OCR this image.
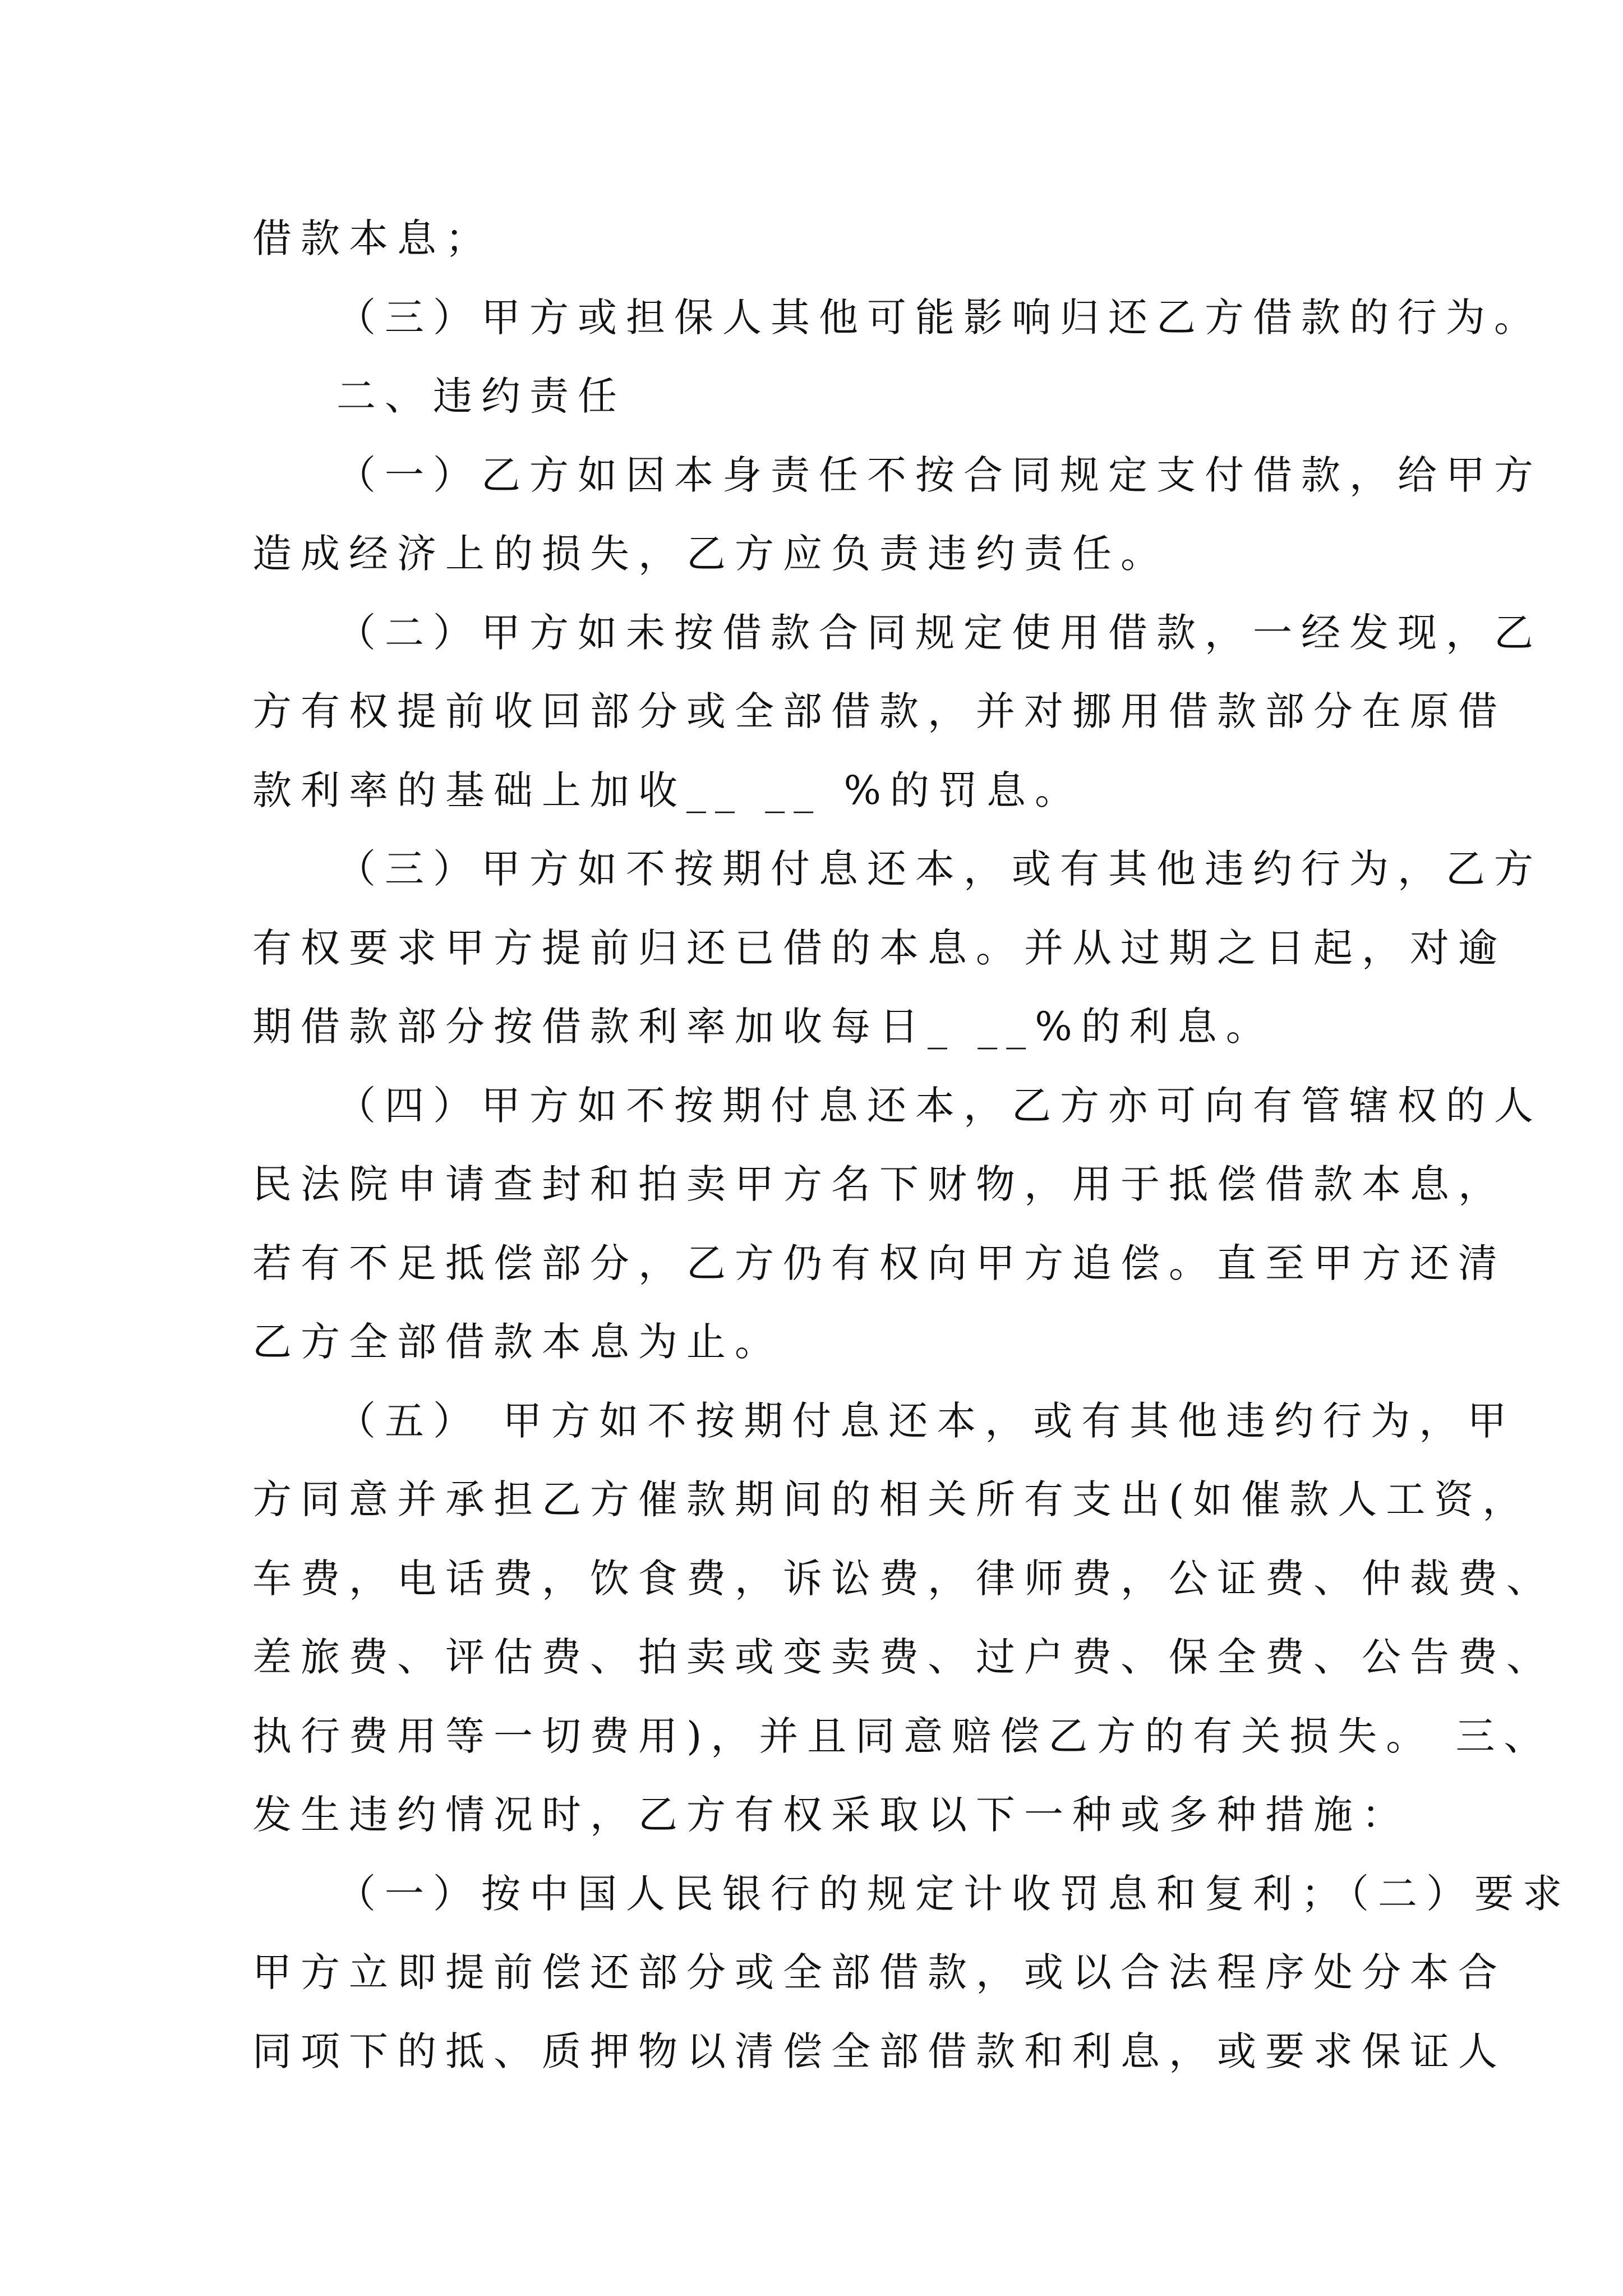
借款本息；

（三）甲方或担保人其他可能影响归还乙方借款的行为。

二、违约责任

（一）乙方如因本身责任不按合同规定支付借款，给甲方

造成经济上的损失，乙方应负责违约责任。

（二）甲方如未按借款合同规定使用借款，一经发现，乙

方有权提前收回部分或全部借款，并对挪用借款部分在原借

款利率的基础上加收__ __ %的罚息。

（三）甲方如不按期付息还本，或有其他违约行为，乙方

有权要求甲方提前归还已借的本息。并从过期之日起，对逾

期借款部分按借款利率加收每日_ __%的利息。

（四）甲方如不按期付息还本，乙方亦可向有管辖权的人

民法院申请查封和拍卖甲方名下财物，用于抵偿借款本息，

若有不足抵偿部分，乙方仍有权向甲方追偿。直至甲方还清

乙方全部借款本息为止。

（五） 甲方如不按期付息还本，或有其他违约行为，甲

方同意并承担乙方催款期间的相关所有支出(如催款人工资，

车费，电话费，饮食费，诉讼费，律师费，公证费、仲裁费、

差旅费、评估费、拍卖或变卖费、过户费、保全费、公告费、

执行费用等一切费用)，并且同意赔偿乙方的有关损失。 三、

发生违约情况时，乙方有权采取以下一种或多种措施：

（一）按中国人民银行的规定计收罚息和复利；（二）要求

甲方立即提前偿还部分或全部借款，或以合法程序处分本合

同项下的抵、质押物以清偿全部借款和利息，或要求保证人
